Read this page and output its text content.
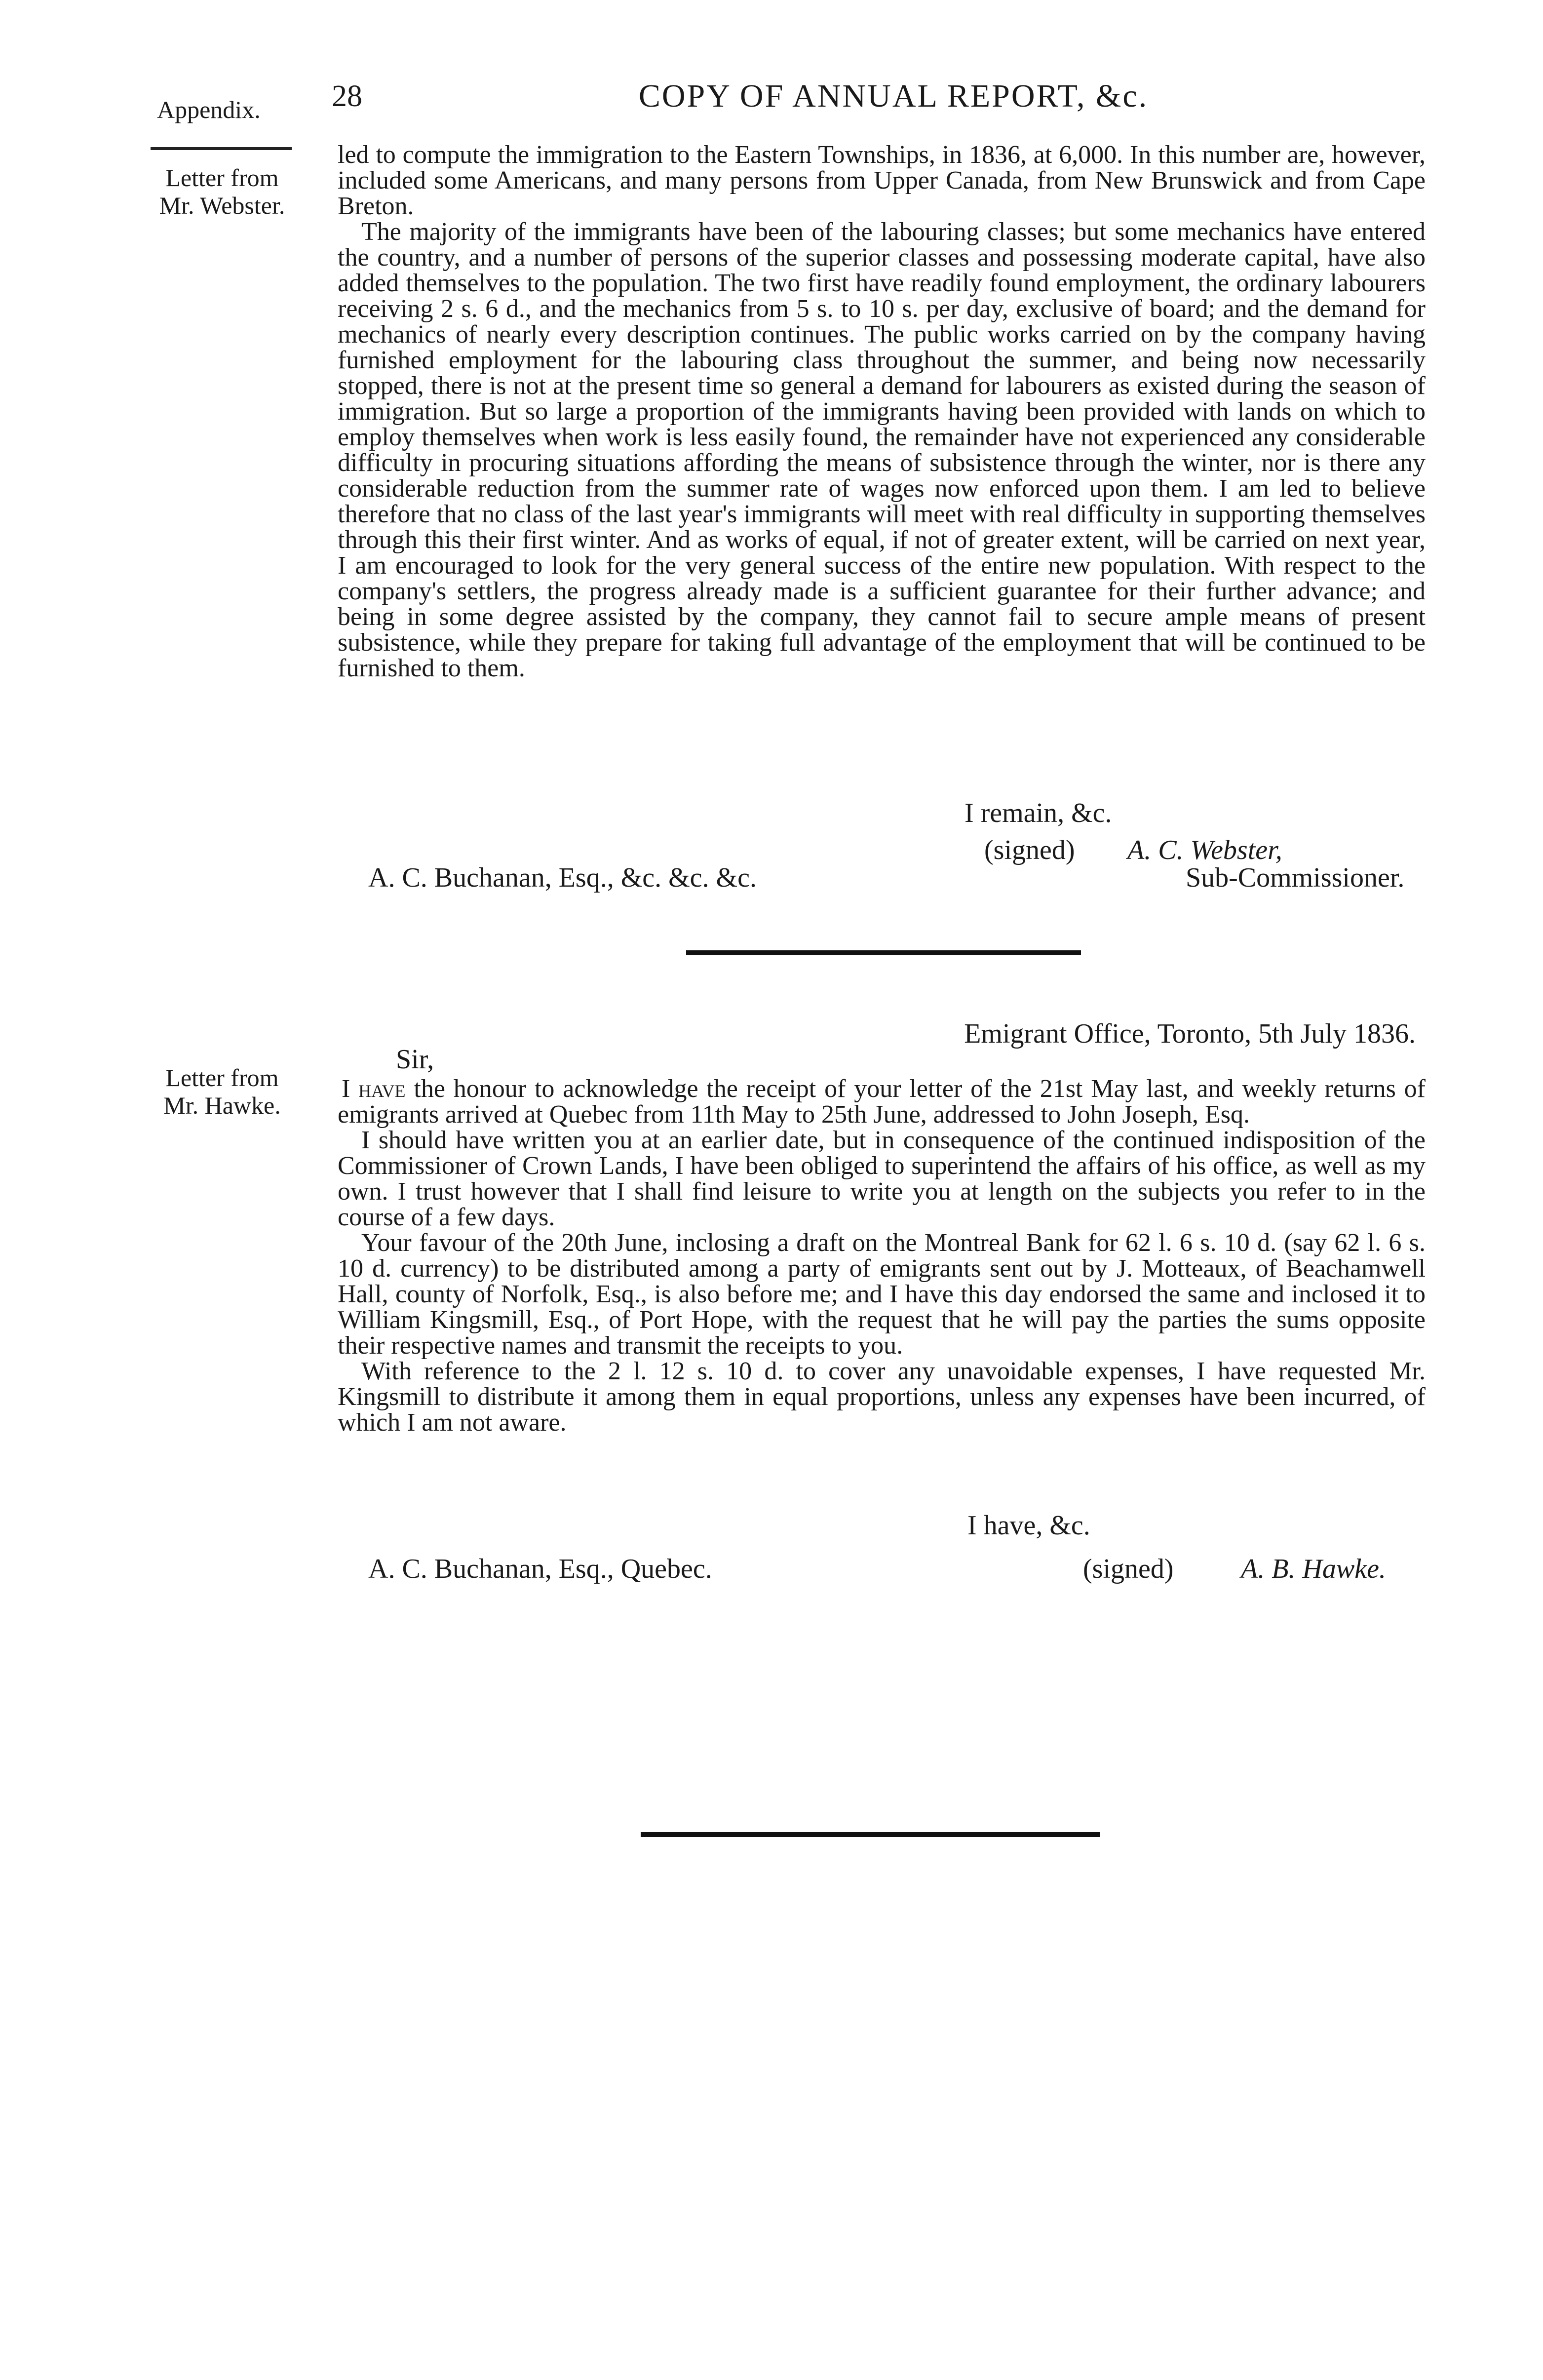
28	COPY OF ANNUAL REPORT, &c.
Appendix.
Letter from
Mr. Webster.
Letter from
Mr. Hawke.

led to compute the immigration to the Eastern Townships, in 1836, at 6,000. In this number are, however, included some Americans, and many persons from Upper Canada, from New Brunswick and from Cape Breton.

The majority of the immigrants have been of the labouring classes; but some mechanics have entered the country, and a number of persons of the superior classes and possessing moderate capital, have also added themselves to the population. The two first have readily found employment, the ordinary labourers receiving 2 s. 6 d., and the mechanics from 5 s. to 10 s. per day, exclusive of board; and the demand for mechanics of nearly every description continues. The public works carried on by the company having furnished employment for the labouring class throughout the summer, and being now necessarily stopped, there is not at the present time so general a demand for labourers as existed during the season of immigration. But so large a proportion of the immigrants having been provided with lands on which to employ themselves when work is less easily found, the remainder have not experienced any considerable difficulty in procuring situations affording the means of subsistence through the winter, nor is there any considerable reduction from the summer rate of wages now enforced upon them. I am led to believe therefore that no class of the last year's immigrants will meet with real difficulty in supporting themselves through this their first winter. And as works of equal, if not of greater extent, will be carried on next year, I am encouraged to look for the very general success of the entire new population. With respect to the company's settlers, the progress already made is a sufficient guarantee for their further advance; and being in some degree assisted by the company, they cannot fail to secure ample means of present subsistence, while they prepare for taking full advantage of the employment that will be continued to be furnished to them.

I remain, &c.
(signed) A. C. Webster,
A. C. Buchanan, Esq., &c. &c. &c.	Sub-Commissioner.
Emigrant Office, Toronto, 5th July 1836.
Sir,

I have the honour to acknowledge the receipt of your letter of the 21st May last, and weekly returns of emigrants arrived at Quebec from 11th May to 25th June, addressed to John Joseph, Esq.

I should have written you at an earlier date, but in consequence of the continued indisposition of the Commissioner of Crown Lands, I have been obliged to superintend the affairs of his office, as well as my own. I trust however that I shall find leisure to write you at length on the subjects you refer to in the course of a few days.

Your favour of the 20th June, inclosing a draft on the Montreal Bank for 62 l. 6 s. 10 d. (say 62 l. 6 s. 10 d. currency) to be distributed among a party of emigrants sent out by J. Motteaux, of Beachamwell Hall, county of Norfolk, Esq., is also before me; and I have this day endorsed the same and inclosed it to William Kingsmill, Esq., of Port Hope, with the request that he will pay the parties the sums opposite their respective names and transmit the receipts to you.

With reference to the 2 l. 12 s. 10 d. to cover any unavoidable expenses, I have requested Mr. Kingsmill to distribute it among them in equal proportions, unless any expenses have been incurred, of which I am not aware.

I have, &c.
A. C. Buchanan, Esq., Quebec.	(signed) A. B. Hawke.
